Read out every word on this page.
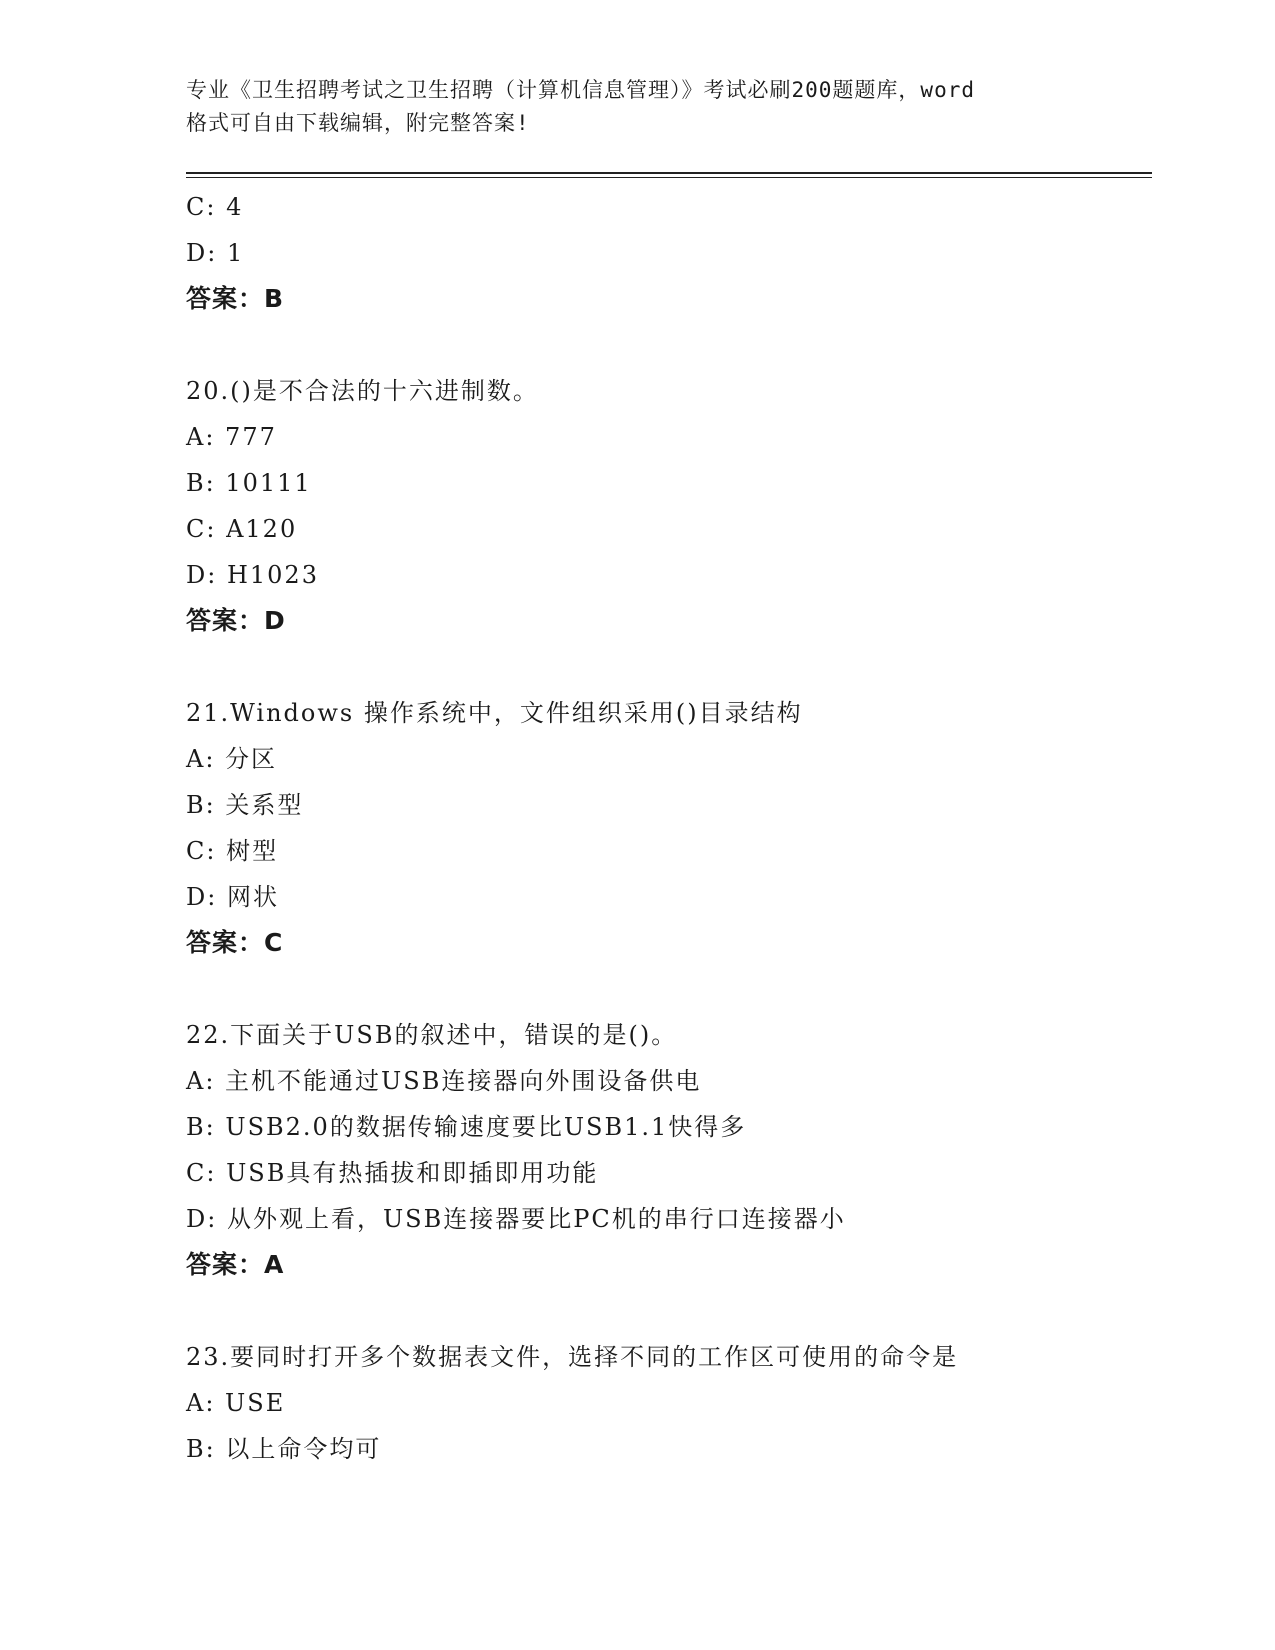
专业《卫生招聘考试之卫生招聘（计算机信息管理）》考试必刷200题题库，word
格式可自由下载编辑，附完整答案!
C: 4
D: 1
答案：B
20.()是不合法的十六进制数。
A: 777
B: 10111
C: A120
D: H1023
答案：D
21.Windows 操作系统中，文件组织采用()目录结构
A: 分区
B: 关系型
C: 树型
D: 网状
答案：C
22.下面关于USB的叙述中，错误的是()。
A: 主机不能通过USB连接器向外围设备供电
B: USB2.0的数据传输速度要比USB1.1快得多
C: USB具有热插拔和即插即用功能
D: 从外观上看，USB连接器要比PC机的串行口连接器小
答案：A
23.要同时打开多个数据表文件，选择不同的工作区可使用的命令是
A: USE
B: 以上命令均可
